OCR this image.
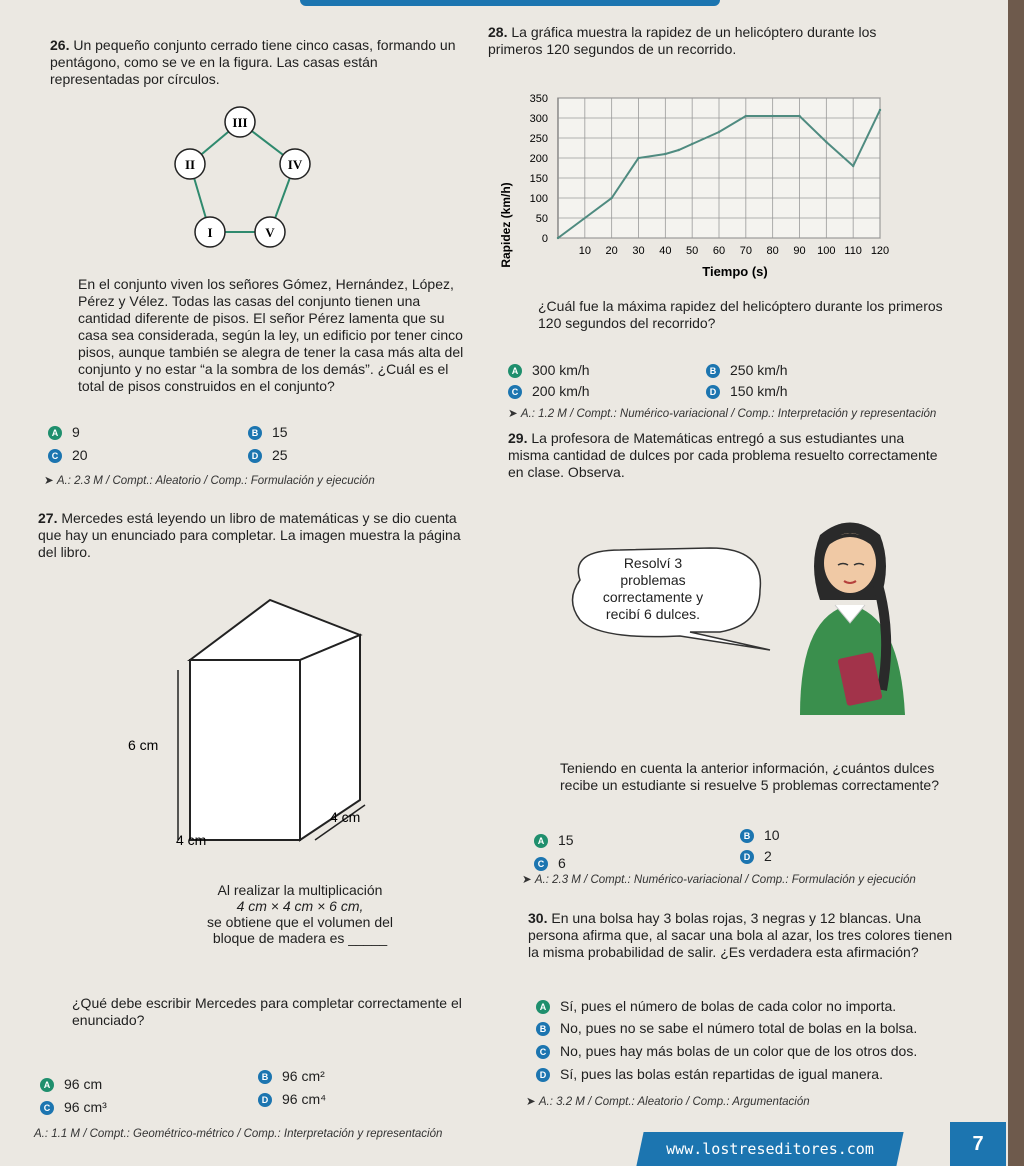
26. Un pequeño conjunto cerrado tiene cinco casas, formando un pentágono, como se ve en la figura. Las casas están representadas por círculos.
III
II	IV
I	V
En el conjunto viven los señores Gómez, Hernández, López, Pérez y Vélez. Todas las casas del conjunto tienen una cantidad diferente de pisos. El señor Pérez lamenta que su casa sea considerada, según la ley, un edificio por tener cinco pisos, aunque también se alegra de tener la casa más alta del conjunto y no estar “a la sombra de los demás”. ¿Cuál es el total de pisos construidos en el conjunto?
A 9	B 15
C 20	D 25
➤ A.: 2.3 M / Compt.: Aleatorio / Comp.: Formulación y ejecución
27. Mercedes está leyendo un libro de matemáticas y se dio cuenta que hay un enunciado para completar. La imagen muestra la página del libro.
6 cm
4 cm
4 cm
Al realizar la multiplicación
4 cm × 4 cm × 6 cm,
se obtiene que el volumen del
bloque de madera es _____
¿Qué debe escribir Mercedes para completar correctamente el enunciado?
A 96 cm	B 96 cm²
C 96 cm³	D 96 cm⁴
A.: 1.1 M / Compt.: Geométrico-métrico / Comp.: Interpretación y representación
28. La gráfica muestra la rapidez de un helicóptero durante los primeros 120 segundos de un recorrido.
0
50
100
150
200
250
300
350
10 20 30 40 50 60 70 80 90 100 110 120
Rapidez (km/h)
Tiempo (s)
¿Cuál fue la máxima rapidez del helicóptero durante los primeros 120 segundos del recorrido?
A 300 km/h	B 250 km/h
C 200 km/h	D 150 km/h
➤ A.: 1.2 M / Compt.: Numérico-variacional / Comp.: Interpretación y representación
29. La profesora de Matemáticas entregó a sus estudiantes una misma cantidad de dulces por cada problema resuelto correctamente en clase. Observa.
Resolví 3
problemas
correctamente y
recibí 6 dulces.
Teniendo en cuenta la anterior información, ¿cuántos dulces recibe un estudiante si resuelve 5 problemas correctamente?
A 15	B 10
C 6	D 2
➤ A.: 2.3 M / Compt.: Numérico-variacional / Comp.: Formulación y ejecución
30. En una bolsa hay 3 bolas rojas, 3 negras y 12 blancas. Una persona afirma que, al sacar una bola al azar, los tres colores tienen la misma probabilidad de salir. ¿Es verdadera esta afirmación?
A Sí, pues el número de bolas de cada color no importa.
B No, pues no se sabe el número total de bolas en la bolsa.
C No, pues hay más bolas de un color que de los otros dos.
D Sí, pues las bolas están repartidas de igual manera.
➤ A.: 3.2 M / Compt.: Aleatorio / Comp.: Argumentación
www.lostreseditores.com	7
